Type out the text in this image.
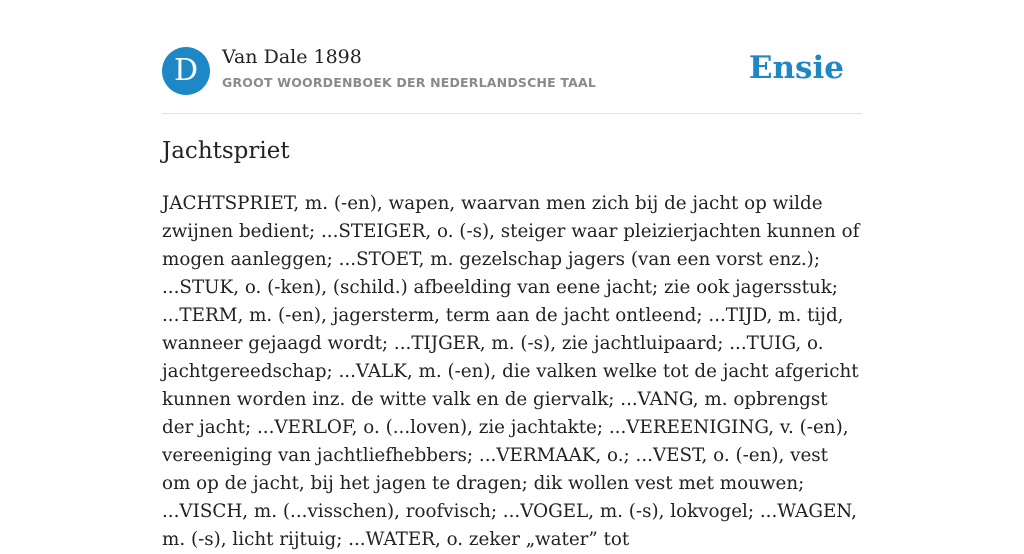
D	Van Dale 1898
GROOT WOORDENBOEK DER NEDERLANDSCHE TAAL	Ensie
Jachtspriet

JACHTSPRIET, m. (-en), wapen, waarvan men zich bij de jacht op wilde zwijnen bedient; ...STEIGER, o. (-s), steiger waar pleizierjachten kunnen of mogen aanleggen; ...STOET, m. gezelschap jagers (van een vorst enz.); ...STUK, o. (-ken), (schild.) afbeelding van eene jacht; zie ook jagersstuk; ...TERM, m. (-en), jagersterm, term aan de jacht ontleend; ...TIJD, m. tijd, wanneer gejaagd wordt; ...TIJGER, m. (-s), zie jachtluipaard; ...TUIG, o. jachtgereedschap; ...VALK, m. (-en), die valken welke tot de jacht afgericht kunnen worden inz. de witte valk en de giervalk; ...VANG, m. opbrengst der jacht; ...VERLOF, o. (...loven), zie jachtakte; ...VEREENIGING, v. (-en), vereeniging van jachtliefhebbers; ...VERMAAK, o.; ...VEST, o. (-en), vest om op de jacht, bij het jagen te dragen; dik wollen vest met mouwen; ...VISCH, m. (...visschen), roofvisch; ...VOGEL, m. (-s), lokvogel; ...WAGEN, m. (-s), licht rijtuig; ...WATER, o. zeker „water” tot
